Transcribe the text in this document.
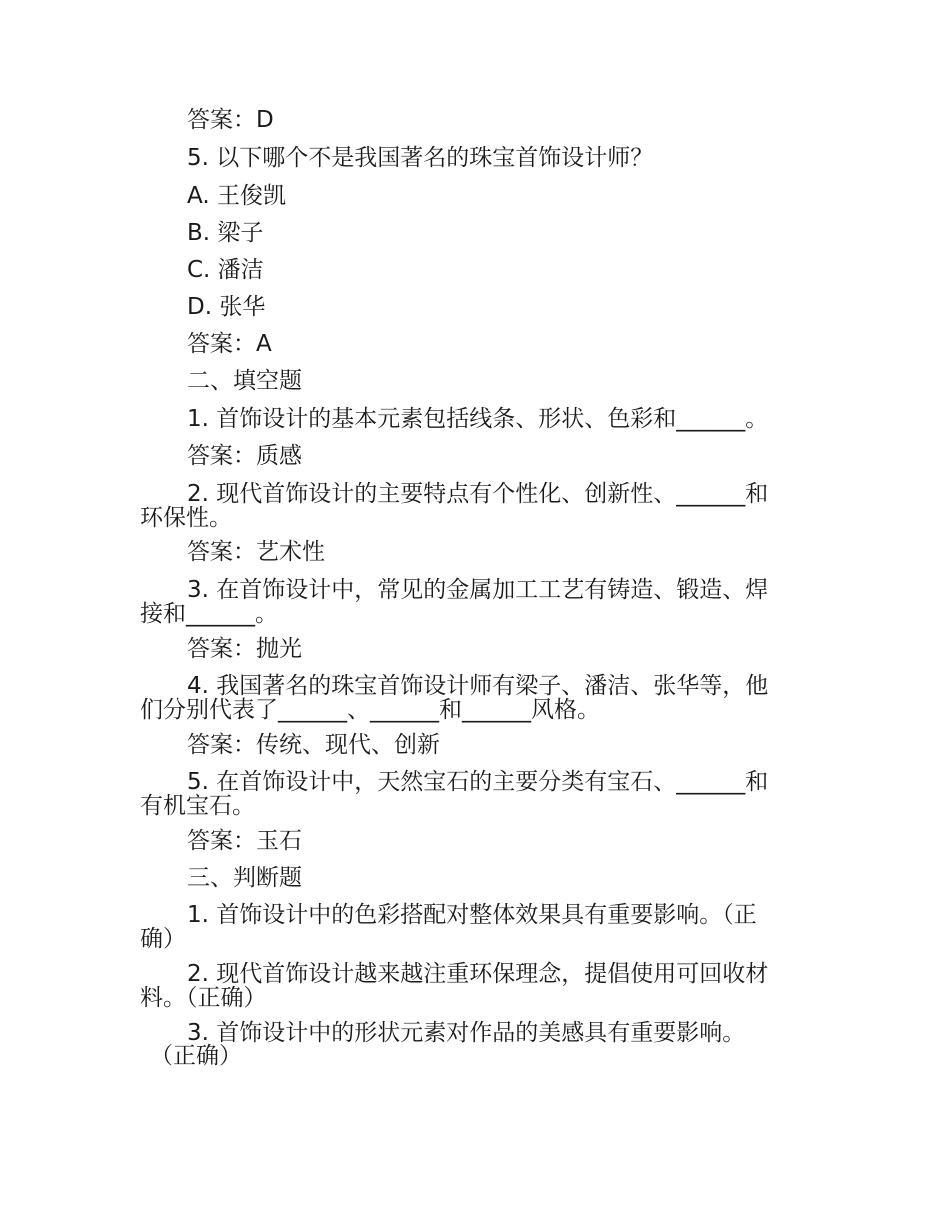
答案：D
5. 以下哪个不是我国著名的珠宝首饰设计师？
A. 王俊凯
B. 梁子
C. 潘洁
D. 张华
答案：A
二、填空题
1. 首饰设计的基本元素包括线条、形状、色彩和______。
答案：质感
2. 现代首饰设计的主要特点有个性化、创新性、______和
环保性。
答案：艺术性
3. 在首饰设计中，常见的金属加工工艺有铸造、锻造、焊
接和______。
答案：抛光
4. 我国著名的珠宝首饰设计师有梁子、潘洁、张华等，他
们分别代表了______、______和______风格。
答案：传统、现代、创新
5. 在首饰设计中，天然宝石的主要分类有宝石、______和
有机宝石。
答案：玉石
三、判断题
1. 首饰设计中的色彩搭配对整体效果具有重要影响。（正
确）
2. 现代首饰设计越来越注重环保理念，提倡使用可回收材
料。（正确）
3. 首饰设计中的形状元素对作品的美感具有重要影响。
（正确）
